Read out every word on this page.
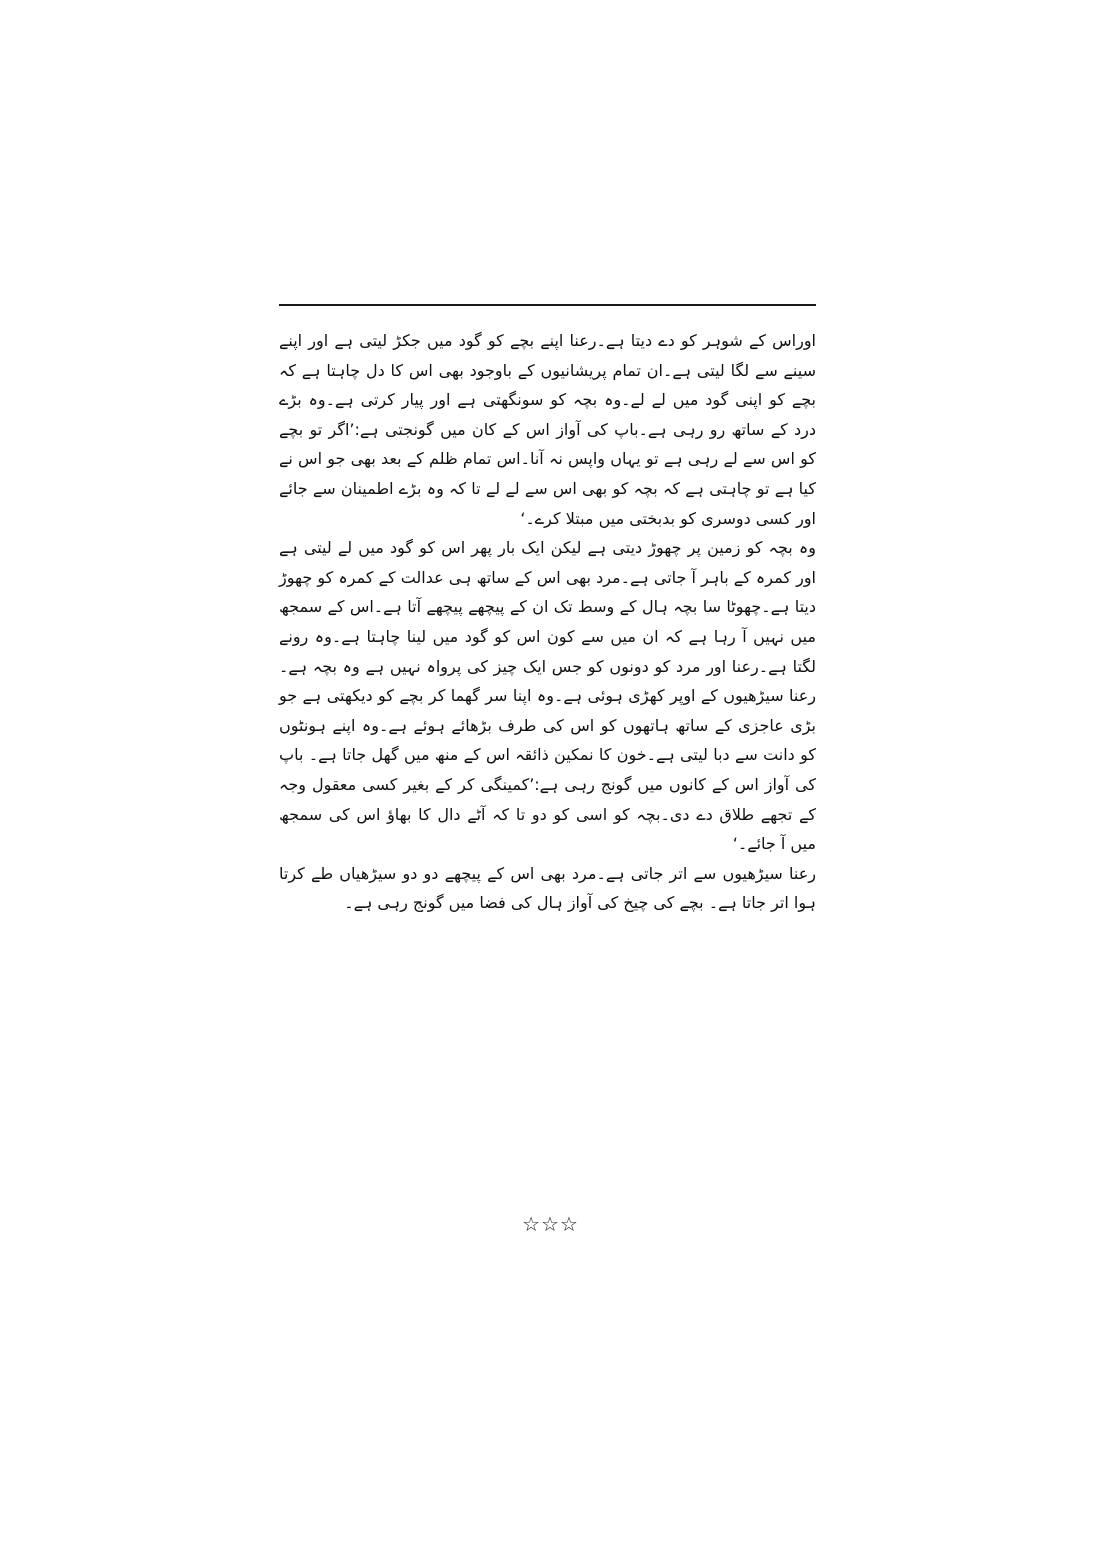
اوراس کے شوہر کو دے دیتا ہے۔رعنا اپنے بچے کو گود میں جکڑ لیتی ہے اور اپنے سینے سے لگا لیتی ہے۔ان تمام پریشانیوں کے باوجود بھی اس کا دل چاہتا ہے کہ بچے کو اپنی گود میں لے لے۔وہ بچہ کو سونگھتی ہے اور پیار کرتی ہے۔وہ بڑے درد کے ساتھ رو رہی ہے۔باپ کی آواز اس کے کان میں گونجتی ہے:’اگر تو بچے کو اس سے لے رہی ہے تو یہاں واپس نہ آنا۔اس تمام ظلم کے بعد بھی جو اس نے کیا ہے تو چاہتی ہے کہ بچہ کو بھی اس سے لے لے تا کہ وہ بڑے اطمینان سے جائے اور کسی دوسری کو بدبختی میں مبتلا کرے۔‘

وہ بچہ کو زمین پر چھوڑ دیتی ہے لیکن ایک بار پھر اس کو گود میں لے لیتی ہے اور کمرہ کے باہر آ جاتی ہے۔مرد بھی اس کے ساتھ ہی عدالت کے کمرہ کو چھوڑ دیتا ہے۔چھوٹا سا بچہ ہال کے وسط تک ان کے پیچھے پیچھے آتا ہے۔اس کے سمجھ میں نہیں آ رہا ہے کہ ان میں سے کون اس کو گود میں لینا چاہتا ہے۔وہ رونے لگتا ہے۔رعنا اور مرد کو دونوں کو جس ایک چیز کی پرواہ نہیں ہے وہ بچہ ہے۔ رعنا سیڑھیوں کے اوپر کھڑی ہوئی ہے۔وہ اپنا سر گھما کر بچے کو دیکھتی ہے جو بڑی عاجزی کے ساتھ ہاتھوں کو اس کی طرف بڑھائے ہوئے ہے۔وہ اپنے ہونٹوں کو دانت سے دبا لیتی ہے۔خون کا نمکین ذائقہ اس کے منھ میں گھل جاتا ہے۔ باپ کی آواز اس کے کانوں میں گونج رہی ہے:’کمینگی کر کے بغیر کسی معقول وجہ کے تجھے طلاق دے دی۔بچہ کو اسی کو دو تا کہ آٹے دال کا بھاؤ اس کی سمجھ میں آ جائے۔‘

رعنا سیڑھیوں سے اتر جاتی ہے۔مرد بھی اس کے پیچھے دو دو سیڑھیاں طے کرتا ہوا اتر جاتا ہے۔ بچے کی چیخ کی آواز ہال کی فضا میں گونج رہی ہے۔

☆☆☆
